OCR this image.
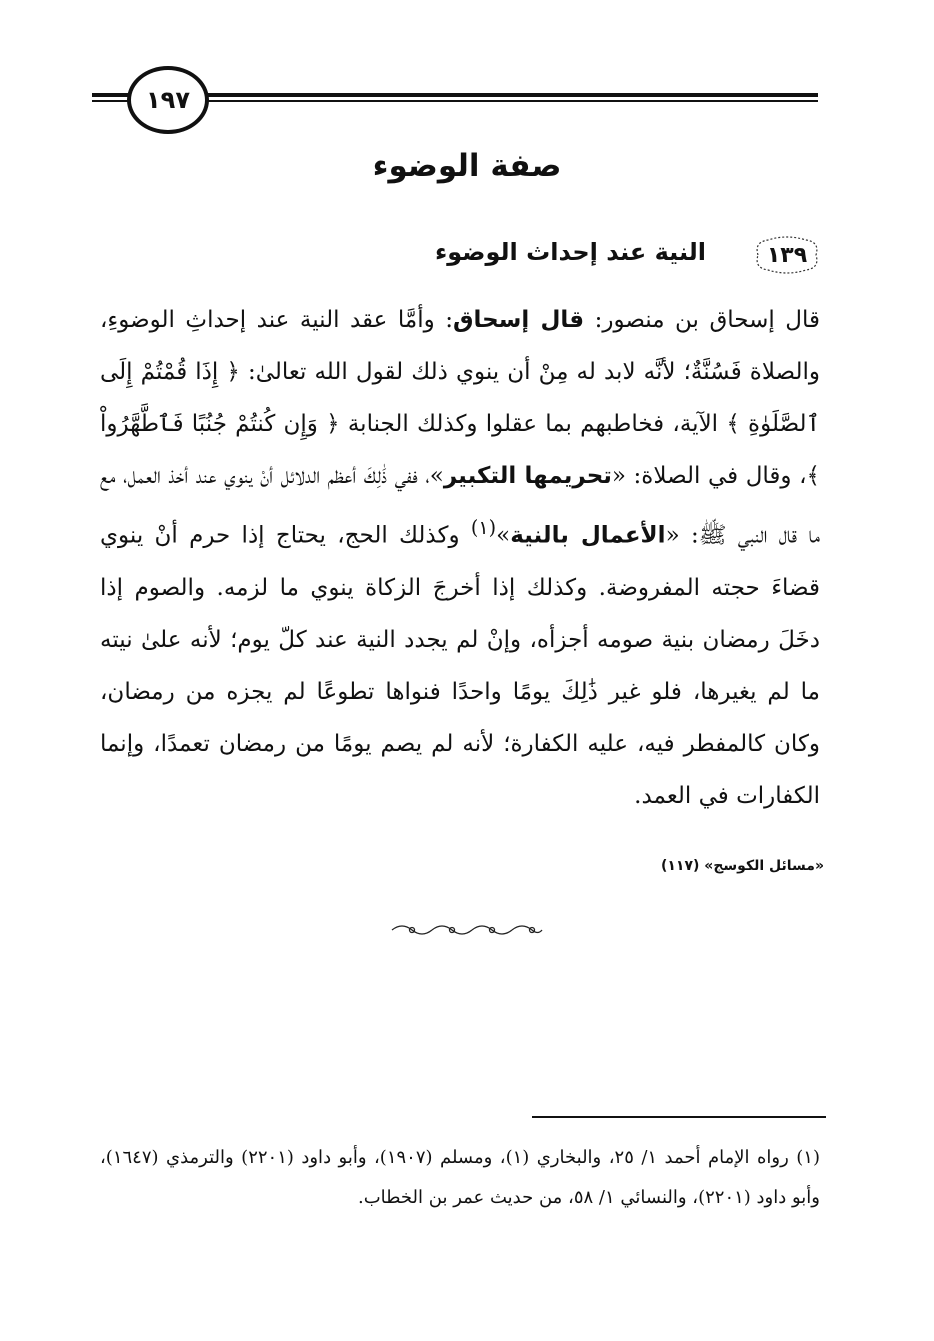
١٩٧
صفة الوضوء
١٣٩
النية عند إحداث الوضوء
قال إسحاق بن منصور: قال إسحاق: وأمَّا عقد النية عند إحداثِ الوضوءِ، والصلاة فَسُنَّةٌ؛ لأنَّه لابد له مِنْ أن ينوي ذلك لقول الله تعالىٰ: ﴿ إِذَا قُمْتُمْ إِلَى ٱلصَّلَوٰةِ ﴾ الآية، فخاطبهم بما عقلوا وكذلك الجنابة ﴿ وَإِن كُنتُمْ جُنُبًا فَٱطَّهَّرُواْ ﴾، وقال في الصلاة: «تحريمها التكبير»، ففي ذَٰلِكَ أعظم الدلائل أنْ ينوي عند أخذ العمل، مع ما قال النبي ﷺ: «الأعمال بالنية»$^{(١)}$ وكذلك الحج، يحتاج إذا حرم أنْ ينوي قضاءَ حجته المفروضة. وكذلك إذا أخرجَ الزكاة ينوي ما لزمه. والصوم إذا دخَلَ رمضان بنية صومه أجزأه، وإنْ لم يجدد النية عند كلّ يوم؛ لأنه علىٰ نيته ما لم يغيرها، فلو غير ذَٰلِكَ يومًا واحدًا فنواها تطوعًا لم يجزه من رمضان، وكان كالمفطر فيه، عليه الكفارة؛ لأنه لم يصم يومًا من رمضان تعمدًا، وإنما الكفارات في العمد.
«مسائل الكوسج» (١١٧)
(١) رواه الإمام أحمد ١/ ٢٥، والبخاري (١)، ومسلم (١٩٠٧)، وأبو داود (٢٢٠١) والترمذي (١٦٤٧)، وأبو داود (٢٢٠١)، والنسائي ١/ ٥٨، من حديث عمر بن الخطاب.
